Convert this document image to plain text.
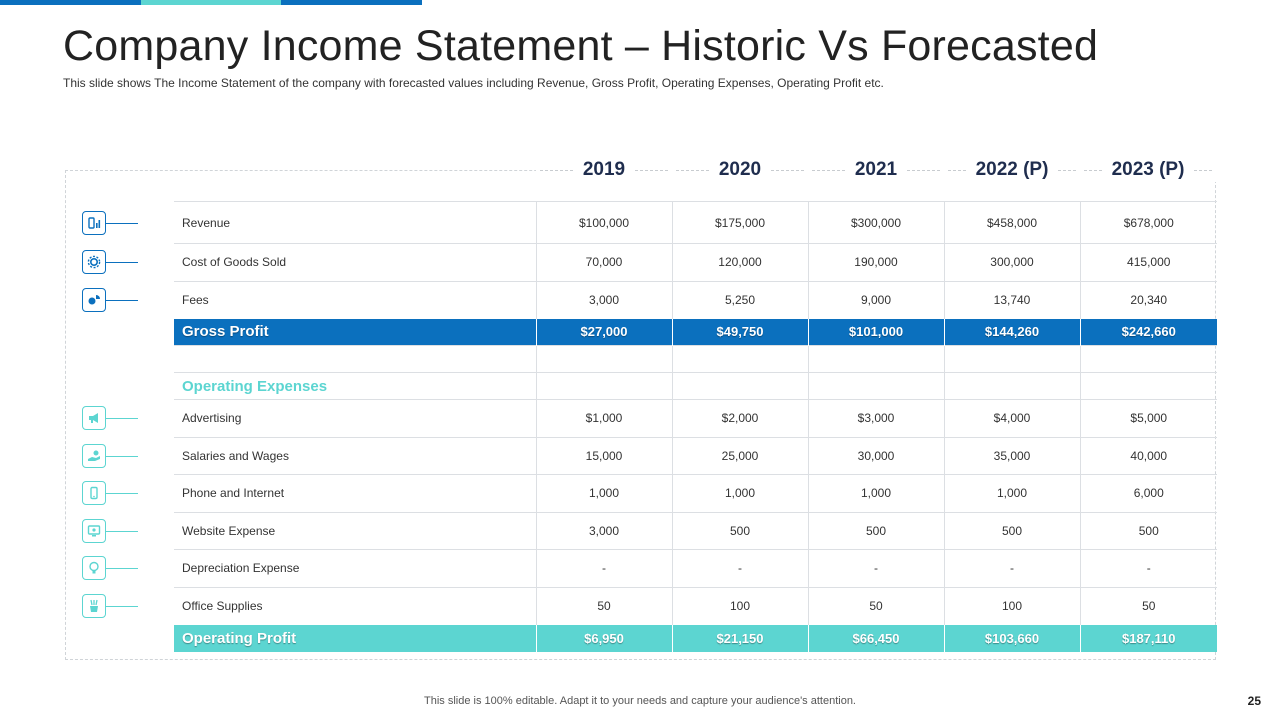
Company Income Statement – Historic Vs Forecasted
This slide shows The Income Statement of the company with forecasted values including Revenue, Gross Profit, Operating Expenses, Operating Profit etc.
2019	2020	2021	2022 (P)	2023 (P)
Revenue	$100,000	$175,000	$300,000	$458,000	$678,000
Cost of Goods Sold	70,000	120,000	190,000	300,000	415,000
Fees	3,000	5,250	9,000	13,740	20,340
Gross Profit	$27,000	$49,750	$101,000	$144,260	$242,660

Operating Expenses					
Advertising	$1,000	$2,000	$3,000	$4,000	$5,000
Salaries and Wages	15,000	25,000	30,000	35,000	40,000
Phone and Internet	1,000	1,000	1,000	1,000	6,000
Website Expense	3,000	500	500	500	500
Depreciation Expense	-	-	-	-	-
Office Supplies	50	100	50	100	50
Operating Profit	$6,950	$21,150	$66,450	$103,660	$187,110
This slide is 100% editable. Adapt it to your needs and capture your audience's attention.	25
